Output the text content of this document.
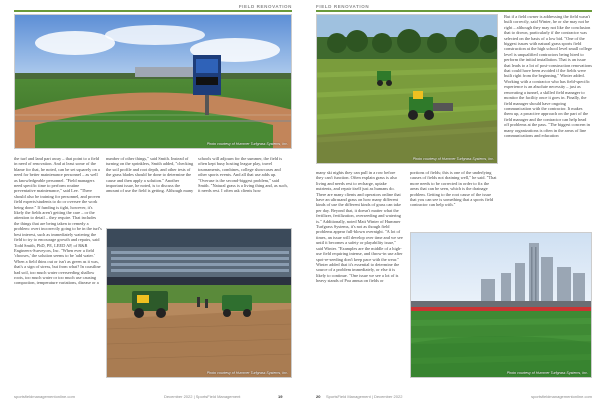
FIELD RENOVATION
Photo courtesy of Hummer Turfgrass Systems, Inc.

the turf and land part away – that point to a field in need of renovation. And at least some of the blame for that, he noted, can be set squarely on a need for better maintenance personnel – as well as knowledgeable personnel. "Field managers need specific time to perform routine preventative maintenance," said Lee. "There should also be training for personnel, and proven field experts/students to do or oversee the work being done." If funding is tight, however, it's likely the fields aren't getting the care – or the attention to detail – they require. That includes the things that are being taken to remedy a problem: overt incorrectly going to be in the turf's best interest, such as immediately watering the field to try to encourage growth and repairs, said Todd Smith, PhD, PE, LEED AP, of R&R Engineers-Surveyors, Inc. "When ever a field 'chooses,' the solution seems to be 'add water.' When a field thins out or isn't as green as it was, that's a sign of stress, but from what? In coastline bad soil, too much water overseeding shallow roots, too much water or too much use causing compaction, temperature variations, disease or a

number of other things," said Smith. Instead of turning on the sprinklers, Smith added, "checking the soil profile and root depth, and other tests of the grass blades should be done to determine the cause and then apply a solution." Another important issue, he noted, is to discuss the amount of use the field is getting. Although many

schools will adjourn for the summer, the field is often kept busy hosting league play, travel tournaments, combines, college showcases and other sports events. And all that use adds up. "Overuse is the second-biggest problem," said Smith. "Natural grass is a living thing and, as such, it needs rest. I often ask clients how

Photo courtesy of Hummer Turfgrass Systems, Inc.
sportsfieldmanagementonline.com	December 2022 | SportsField Management	19
FIELD RENOVATION
Photo courtesy of Hummer Turfgrass Systems, Inc.

many ski nights they can pull in a row before they can't function. Often explain grass is also living and needs rest to recharge, uptake nutrients, and repair itself just as humans do. There are many clients and operators online that have an ultrasand grass on how many different kinds of use the different kinds of grass can take per day. Beyond that, it doesn't matter what the fertilizer, fertilization, overseeding and watering is." Additionally, noted Matt Winter of Hummer Turfgrass Systems, it's not as though field problems appear full-blown overnight. "A lot of times, an issue will develop over time and we see until it becomes a safety or playability issue," said Winter. "Examples are the middle of a high-use field requiring intense, and throw-in use after spot-re-seeding don't keep pace with the wear." Winter added that it's essential to determine the source of a problem immediately, or else it is likely to continue. "One issue we see a lot of is heavy stands of Poa annua on fields or

portions of fields; this is one of the underlying causes of fields not draining well," he said. "That more needs to be corrected in order to fix the areas that can be seen, which is the drainage problem. Getting to the root cause of the issue that you can see is something that a sports field contractor can help with."

But if a field owner is addressing the field wasn't built correctly, said Winter, he or she may not be right – although they may not like the conclusion that to drown, particularly if the contractor was selected on the basis of a low bid. "One of the biggest issues with natural grass sports field construction at the high school level small college level is unqualified contractors being hired to perform the initial installation. That is an issue that leads to a lot of post-construction renovations that could have been avoided if the fields were built right from the beginning," Winter added. Working with a contractor who has field-specific experience is an absolute necessity – just as renovating a tunnel, a skilled field manager to monitor the facility once it goes in. Finally, the field manager should have ongoing communication with the contractor. It makes them up, a proactive approach on the part of the field manager and the contractor can help head off problems at the pass. "The biggest concern in many organizations is often in the areas of line communications and education

Photo courtesy of Hummer Turfgrass Systems, Inc.
20 SportsField Management | December 2022	sportsfieldmanagementonline.com
